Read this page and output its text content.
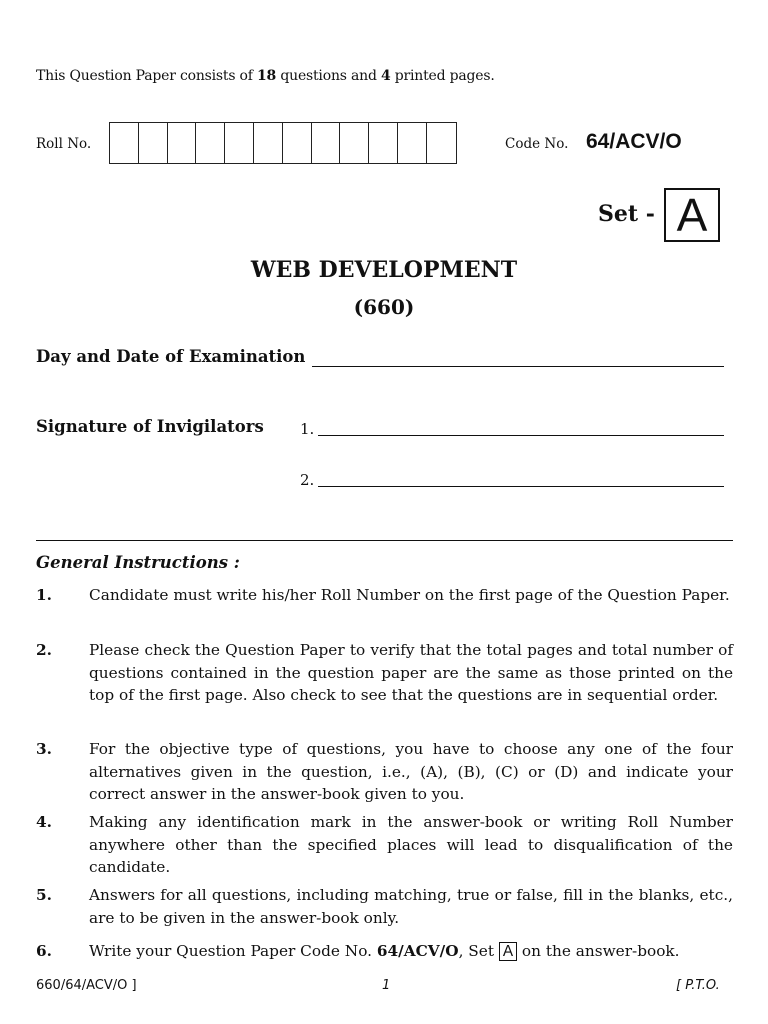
This Question Paper consists of 18 questions and 4 printed pages.
Roll No.	Code No. 64/ACV/O
Set - A
WEB DEVELOPMENT
(660)
Day and Date of Examination
Signature of Invigilators 1.
2.
General Instructions :
1. Candidate must write his/her Roll Number on the first page of the Question Paper.
2. Please check the Question Paper to verify that the total pages and total number of questions contained in the question paper are the same as those printed on the top of the first page. Also check to see that the questions are in sequential order.
3. For the objective type of questions, you have to choose any one of the four alternatives given in the question, i.e., (A), (B), (C) or (D) and indicate your correct answer in the answer-book given to you.
4. Making any identification mark in the answer-book or writing Roll Number anywhere other than the specified places will lead to disqualification of the candidate.
5. Answers for all questions, including matching, true or false, fill in the blanks, etc., are to be given in the answer-book only.
6. Write your Question Paper Code No. 64/ACV/O, Set A on the answer-book.
660/64/ACV/O ]	1	[ P.T.O.
